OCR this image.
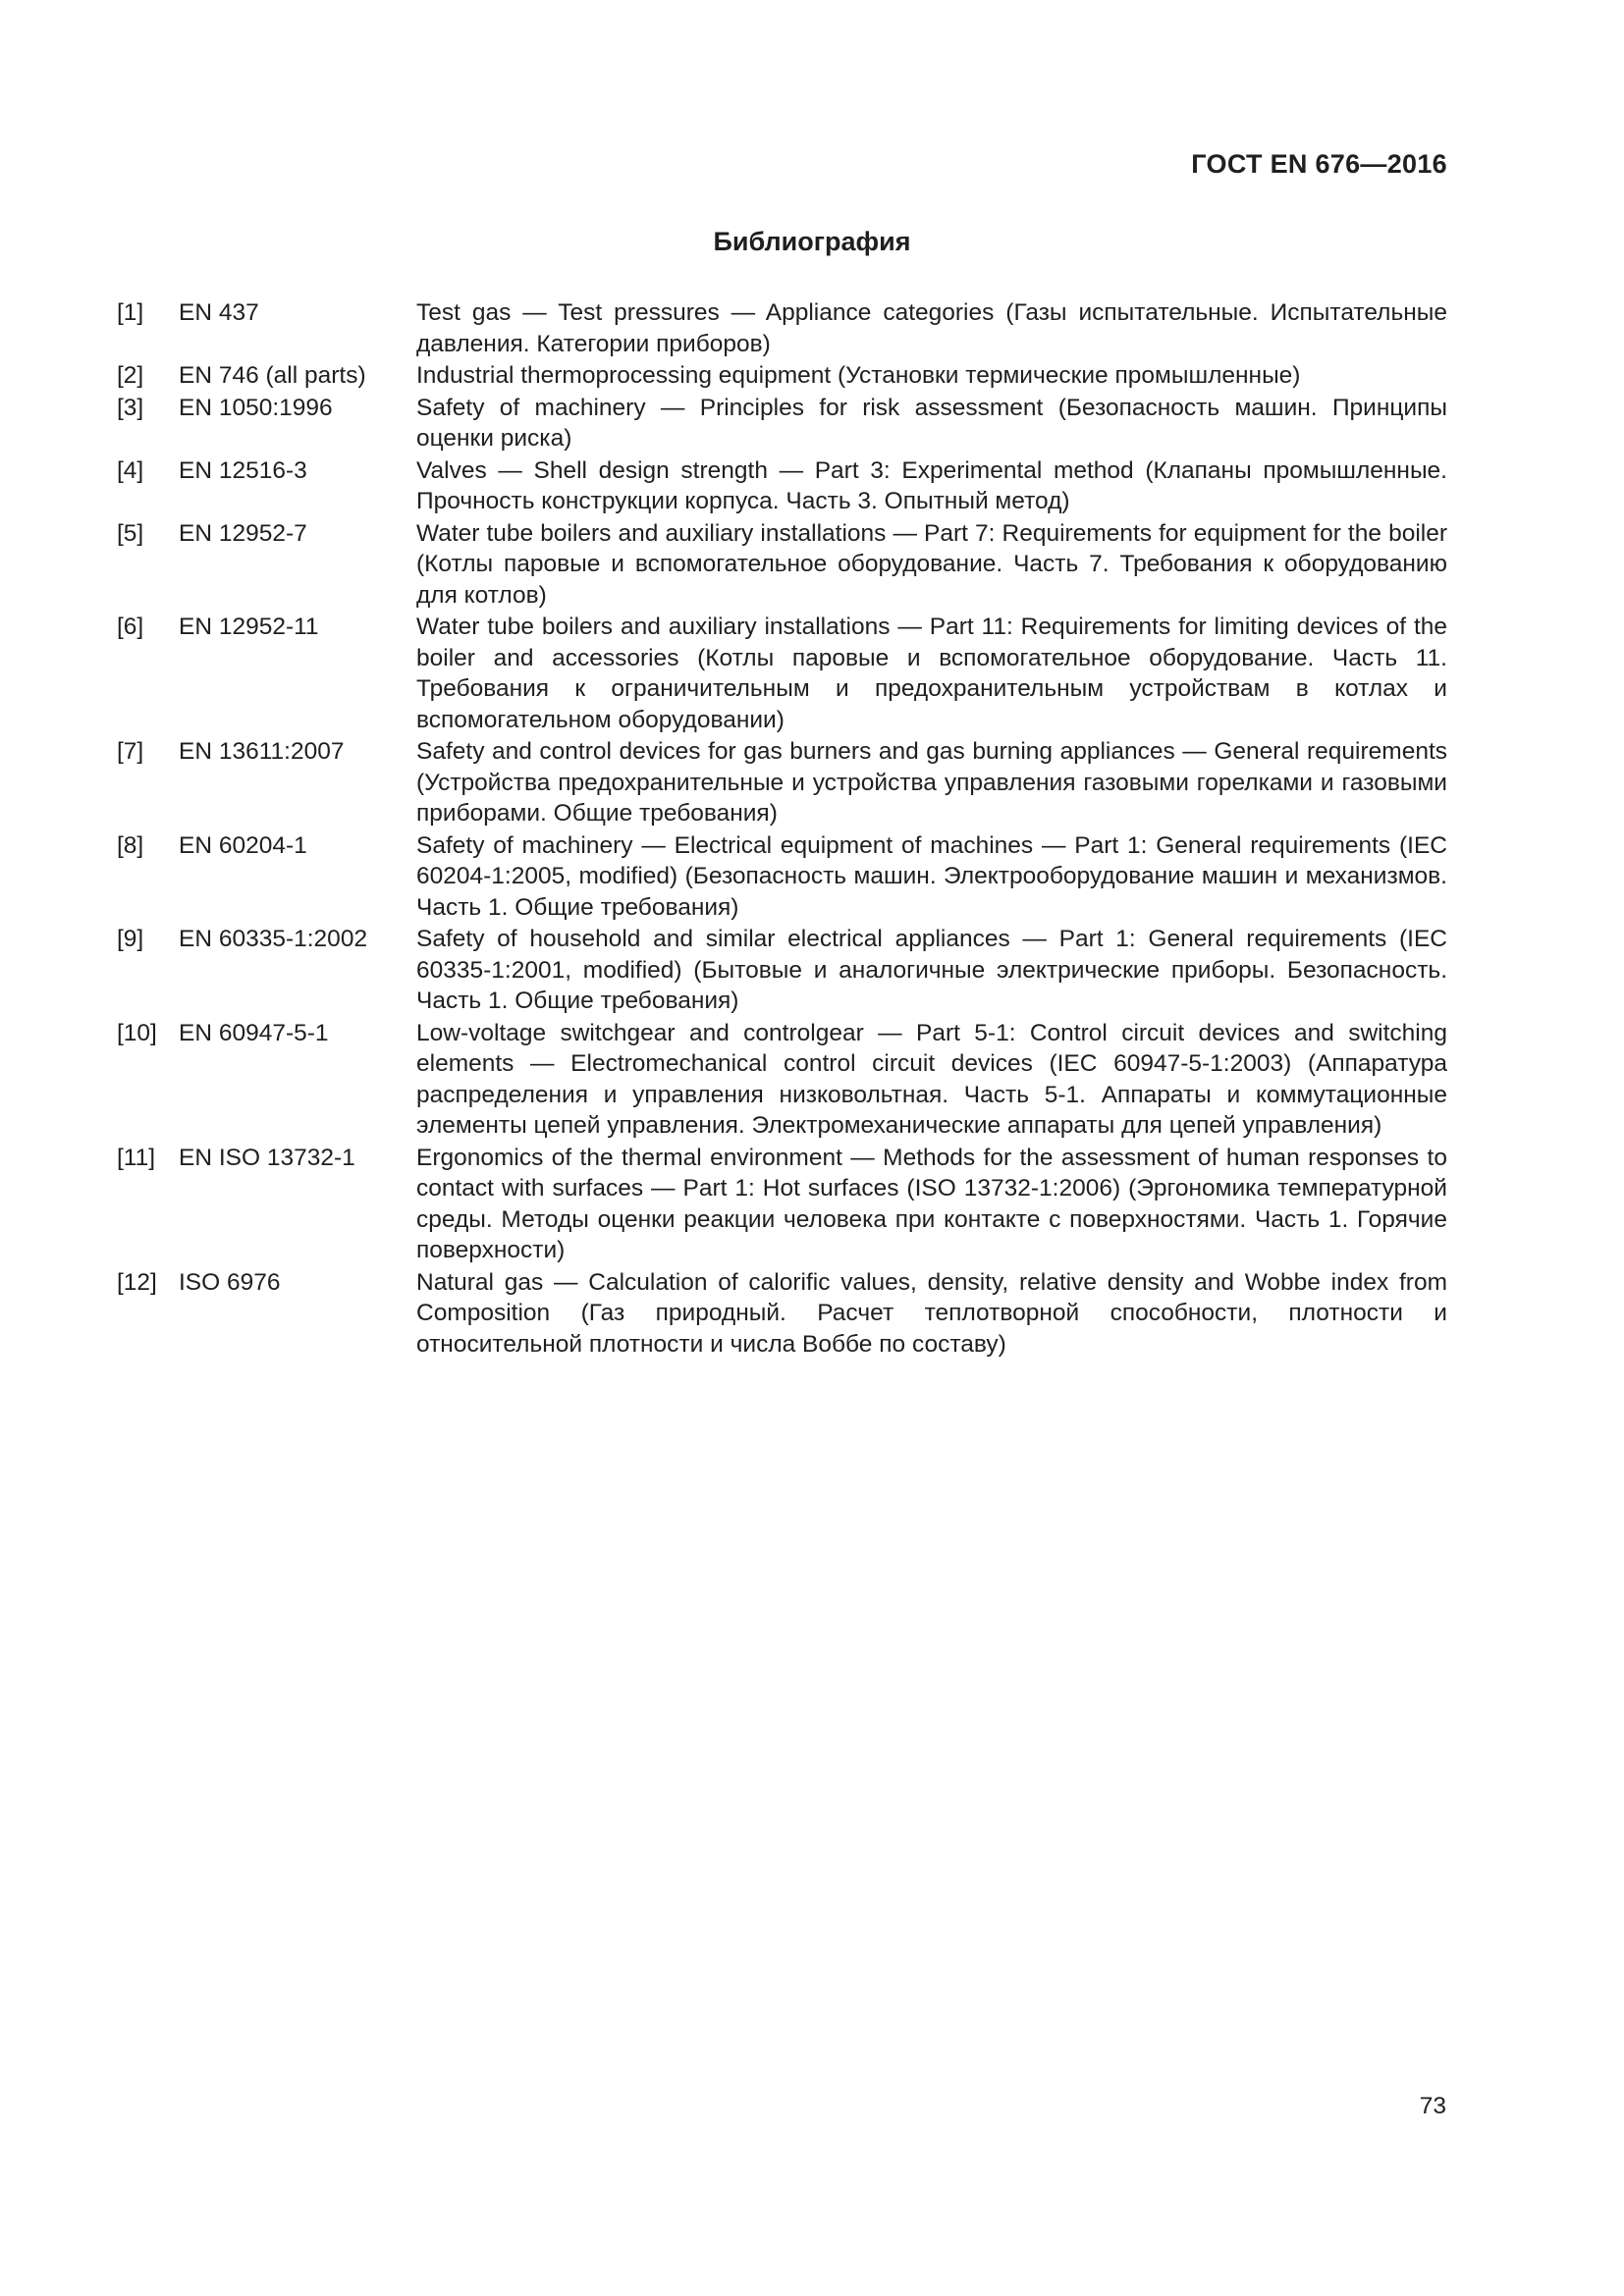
ГОСТ EN 676—2016

Библиография
[1]	EN 437	Test gas — Test pressures — Appliance categories (Газы испытательные. Испытательные давления. Категории приборов)
[2]	EN 746 (all parts)	Industrial thermoprocessing equipment (Установки термические промышленные)
[3]	EN 1050:1996	Safety of machinery — Principles for risk assessment (Безопасность машин. Принципы оценки риска)
[4]	EN 12516-3	Valves — Shell design strength — Part 3: Experimental method (Клапаны промышленные. Прочность конструкции корпуса. Часть 3. Опытный метод)
[5]	EN 12952-7	Water tube boilers and auxiliary installations — Part 7: Requirements for equipment for the boiler (Котлы паровые и вспомогательное оборудование. Часть 7. Требования к оборудованию для котлов)
[6]	EN 12952-11	Water tube boilers and auxiliary installations — Part 11: Requirements for limiting devices of the boiler and accessories (Котлы паровые и вспомогательное оборудование. Часть 11. Требования к ограничительным и предохранительным устройствам в котлах и вспомогательном оборудовании)
[7]	EN 13611:2007	Safety and control devices for gas burners and gas burning appliances — General requirements (Устройства предохранительные и устройства управления газовыми горелками и газовыми приборами. Общие требования)
[8]	EN 60204-1	Safety of machinery — Electrical equipment of machines — Part 1: General requirements (IEC 60204-1:2005, modified) (Безопасность машин. Электрооборудование машин и механизмов. Часть 1. Общие требования)
[9]	EN 60335-1:2002	Safety of household and similar electrical appliances — Part 1: General requirements (IEC 60335-1:2001, modified) (Бытовые и аналогичные электрические приборы. Безопасность. Часть 1. Общие требования)
[10] EN 60947-5-1	Low-voltage switchgear and controlgear — Part 5-1: Control circuit devices and switching elements — Electromechanical control circuit devices (IEC 60947-5-1:2003) (Аппаратура распределения и управления низковольтная. Часть 5-1. Аппараты и коммутационные элементы цепей управления. Электромеханические аппараты для цепей управления)
[11] EN ISO 13732-1	Ergonomics of the thermal environment — Methods for the assessment of human responses to contact with surfaces — Part 1: Hot surfaces (ISO 13732-1:2006) (Эргономика температурной среды. Методы оценки реакции человека при контакте с поверхностями. Часть 1. Горячие поверхности)
[12] ISO 6976	Natural gas — Calculation of calorific values, density, relative density and Wobbe index from Composition (Газ природный. Расчет теплотворной способности, плотности и относительной плотности и числа Воббе по составу)

73
